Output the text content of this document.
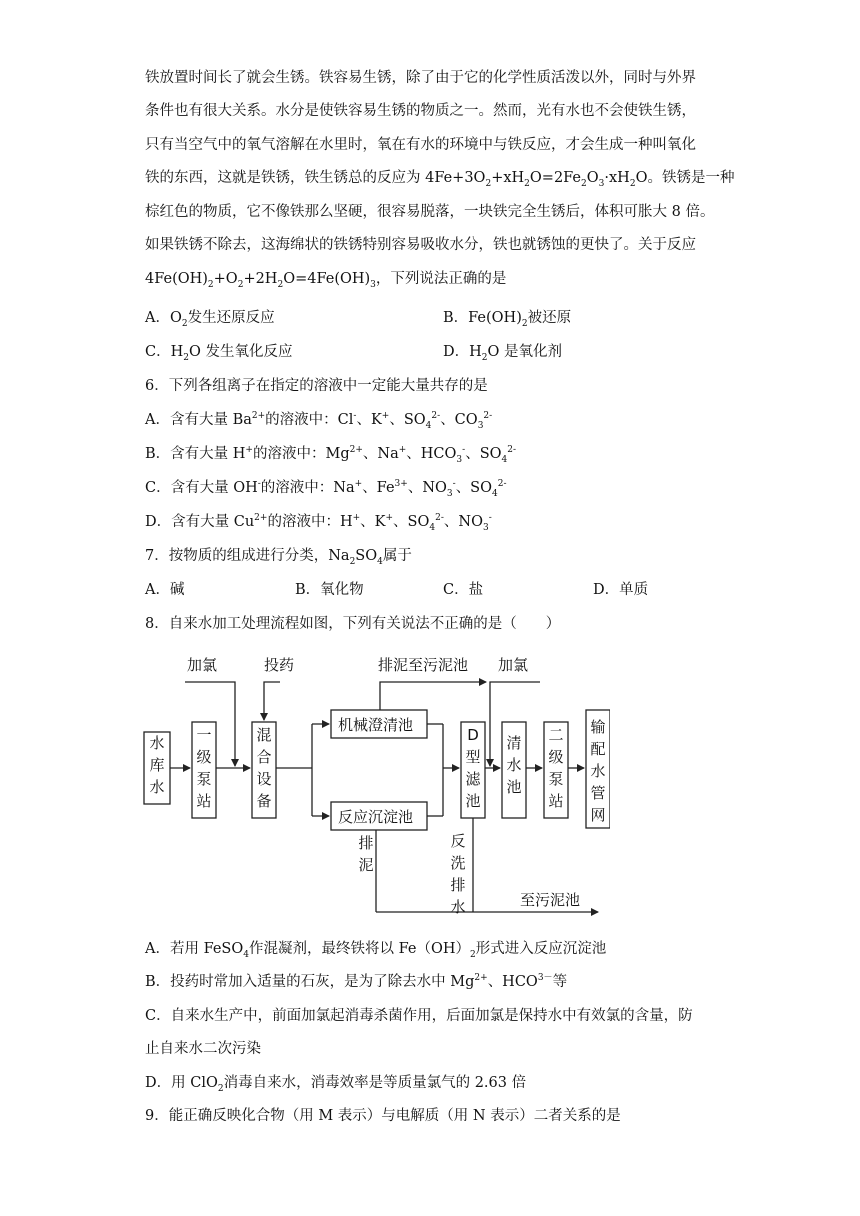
铁放置时间长了就会生锈。铁容易生锈，除了由于它的化学性质活泼以外，同时与外界
条件也有很大关系。水分是使铁容易生锈的物质之一。然而，光有水也不会使铁生锈，
只有当空气中的氧气溶解在水里时，氧在有水的环境中与铁反应，才会生成一种叫氧化
铁的东西，这就是铁锈，铁生锈总的反应为 $4Fe+3O_2+xH_2O=2Fe_2O_3\cdot xH_2O$。铁锈是一种
棕红色的物质，它不像铁那么坚硬，很容易脱落，一块铁完全生锈后，体积可胀大 8 倍。
如果铁锈不除去，这海绵状的铁锈特别容易吸收水分，铁也就锈蚀的更快了。关于反应
$4Fe(OH)_2+O_2+2H_2O=4Fe(OH)_3$，下列说法正确的是
A．$O_2$发生还原反应	B．$Fe(OH)_2$被还原
C．$H_2O$ 发生氧化反应	D．$H_2O$ 是氧化剂
6．下列各组离子在指定的溶液中一定能大量共存的是
A．含有大量 $Ba^{2+}$的溶液中：Cl-、K+、$SO_4^{2-}$、$CO_3^{2-}$
B．含有大量 H+的溶液中：$Mg^{2+}$、Na+、$HCO_3^-$、$SO_4^{2-}$
C．含有大量 OH-的溶液中：Na+、$Fe^{3+}$、$NO_3^-$、$SO_4^{2-}$
D．含有大量 $Cu^{2+}$的溶液中：H+、K+、$SO_4^{2-}$、$NO_3^-$
7．按物质的组成进行分类，$Na_2SO_4$属于
A．碱	B．氧化物	C．盐	D．单质
8．自来水加工处理流程如图，下列有关说法不正确的是（　　）
加氯	投药	排泥至污泥池 加氯
机械澄清池
反应沉淀池
至污泥池
水库水
一级泵站
混合设备
D 型滤池
清水池
二级泵站
输配水管网
排泥
反洗排水
A．若用 FeSO$_4$作混凝剂，最终铁将以 $Fe(OH)_2$形式进入反应沉淀池
B．投药时常加入适量的石灰，是为了除去水中 $Mg^{2+}$、$HCO^{3-}$等
C．自来水生产中，前面加氯起消毒杀菌作用，后面加氯是保持水中有效氯的含量，防
止自来水二次污染
D．用 ClO$_2$消毒自来水，消毒效率是等质量氯气的 2.63 倍
9．能正确反映化合物（用 M 表示）与电解质（用 N 表示）二者关系的是
